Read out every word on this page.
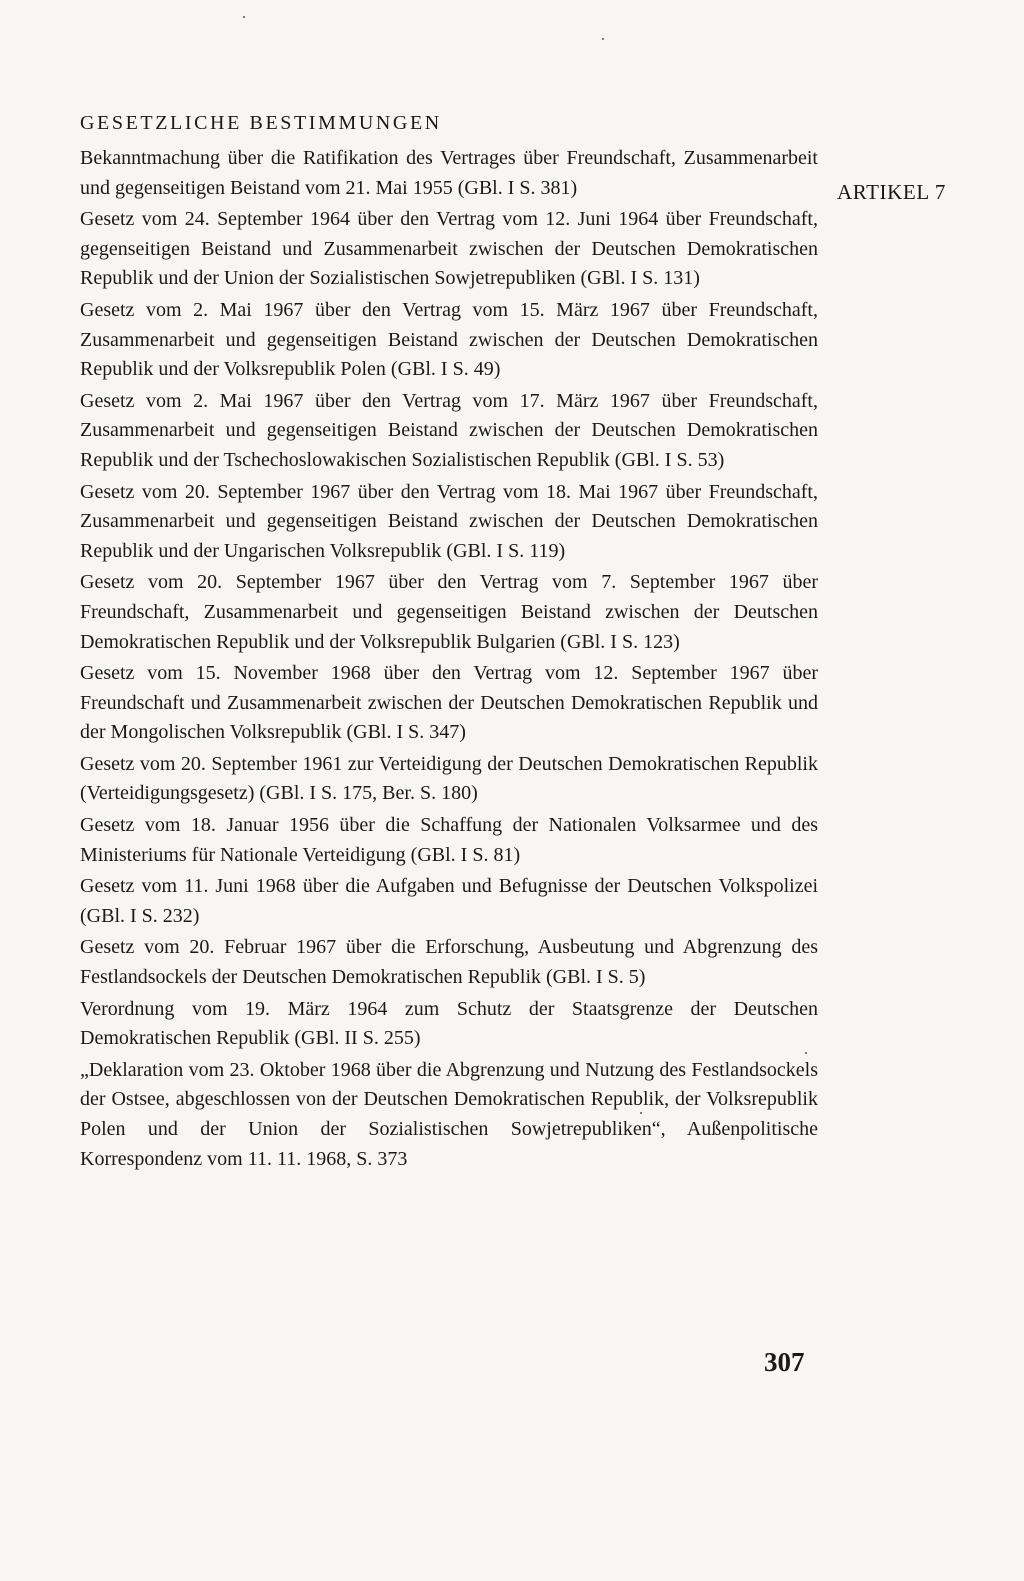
GESETZLICHE BESTIMMUNGEN
ARTIKEL 7

Bekanntmachung über die Ratifikation des Vertrages über Freundschaft, Zusammenarbeit und gegenseitigen Beistand vom 21. Mai 1955 (GBl. I S. 381)

Gesetz vom 24. September 1964 über den Vertrag vom 12. Juni 1964 über Freundschaft, gegenseitigen Beistand und Zusammenarbeit zwischen der Deutschen Demokratischen Republik und der Union der Sozialistischen Sowjetrepubliken (GBl. I S. 131)

Gesetz vom 2. Mai 1967 über den Vertrag vom 15. März 1967 über Freundschaft, Zusammenarbeit und gegenseitigen Beistand zwischen der Deutschen Demokratischen Republik und der Volksrepublik Polen (GBl. I S. 49)

Gesetz vom 2. Mai 1967 über den Vertrag vom 17. März 1967 über Freundschaft, Zusammenarbeit und gegenseitigen Beistand zwischen der Deutschen Demokratischen Republik und der Tschechoslowakischen Sozialistischen Republik (GBl. I S. 53)

Gesetz vom 20. September 1967 über den Vertrag vom 18. Mai 1967 über Freundschaft, Zusammenarbeit und gegenseitigen Beistand zwischen der Deutschen Demokratischen Republik und der Ungarischen Volksrepublik (GBl. I S. 119)

Gesetz vom 20. September 1967 über den Vertrag vom 7. September 1967 über Freundschaft, Zusammenarbeit und gegenseitigen Beistand zwischen der Deutschen Demokratischen Republik und der Volksrepublik Bulgarien (GBl. I S. 123)

Gesetz vom 15. November 1968 über den Vertrag vom 12. September 1967 über Freundschaft und Zusammenarbeit zwischen der Deutschen Demokratischen Republik und der Mongolischen Volksrepublik (GBl. I S. 347)

Gesetz vom 20. September 1961 zur Verteidigung der Deutschen Demokratischen Republik (Verteidigungsgesetz) (GBl. I S. 175, Ber. S. 180)

Gesetz vom 18. Januar 1956 über die Schaffung der Nationalen Volksarmee und des Ministeriums für Nationale Verteidigung (GBl. I S. 81)

Gesetz vom 11. Juni 1968 über die Aufgaben und Befugnisse der Deutschen Volkspolizei (GBl. I S. 232)

Gesetz vom 20. Februar 1967 über die Erforschung, Ausbeutung und Abgrenzung des Festlandsockels der Deutschen Demokratischen Republik (GBl. I S. 5)

Verordnung vom 19. März 1964 zum Schutz der Staatsgrenze der Deutschen Demokratischen Republik (GBl. II S. 255)

„Deklaration vom 23. Oktober 1968 über die Abgrenzung und Nutzung des Festlandsockels der Ostsee, abgeschlossen von der Deutschen Demokratischen Republik, der Volksrepublik Polen und der Union der Sozialistischen Sowjetrepubliken“, Außenpolitische Korrespondenz vom 11. 11. 1968, S. 373

307
